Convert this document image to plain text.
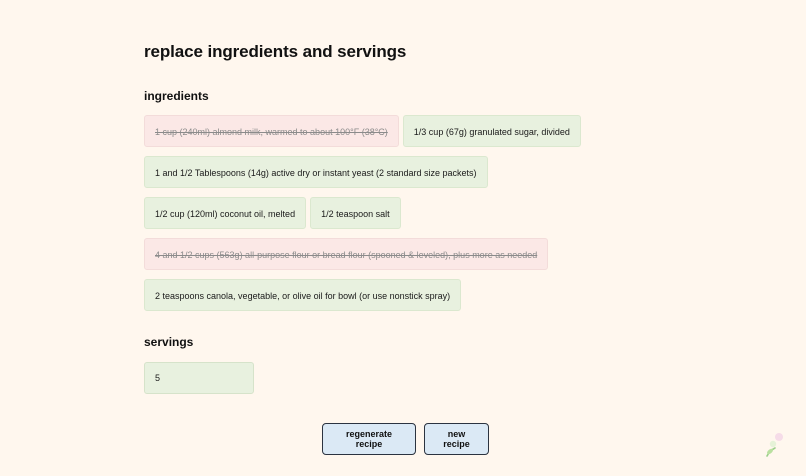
replace ingredients and servings
ingredients
1 cup (240ml) almond milk, warmed to about 100°F (38°C)	1/3 cup (67g) granulated sugar, divided
1 and 1/2 Tablespoons (14g) active dry or instant yeast (2 standard size packets)
1/2 cup (120ml) coconut oil, melted	1/2 teaspoon salt
4 and 1/2 cups (563g) all-purpose flour or bread flour (spooned & leveled), plus more as needed
2 teaspoons canola, vegetable, or olive oil for bowl (or use nonstick spray)
servings
5
regenerate recipe
new recipe
